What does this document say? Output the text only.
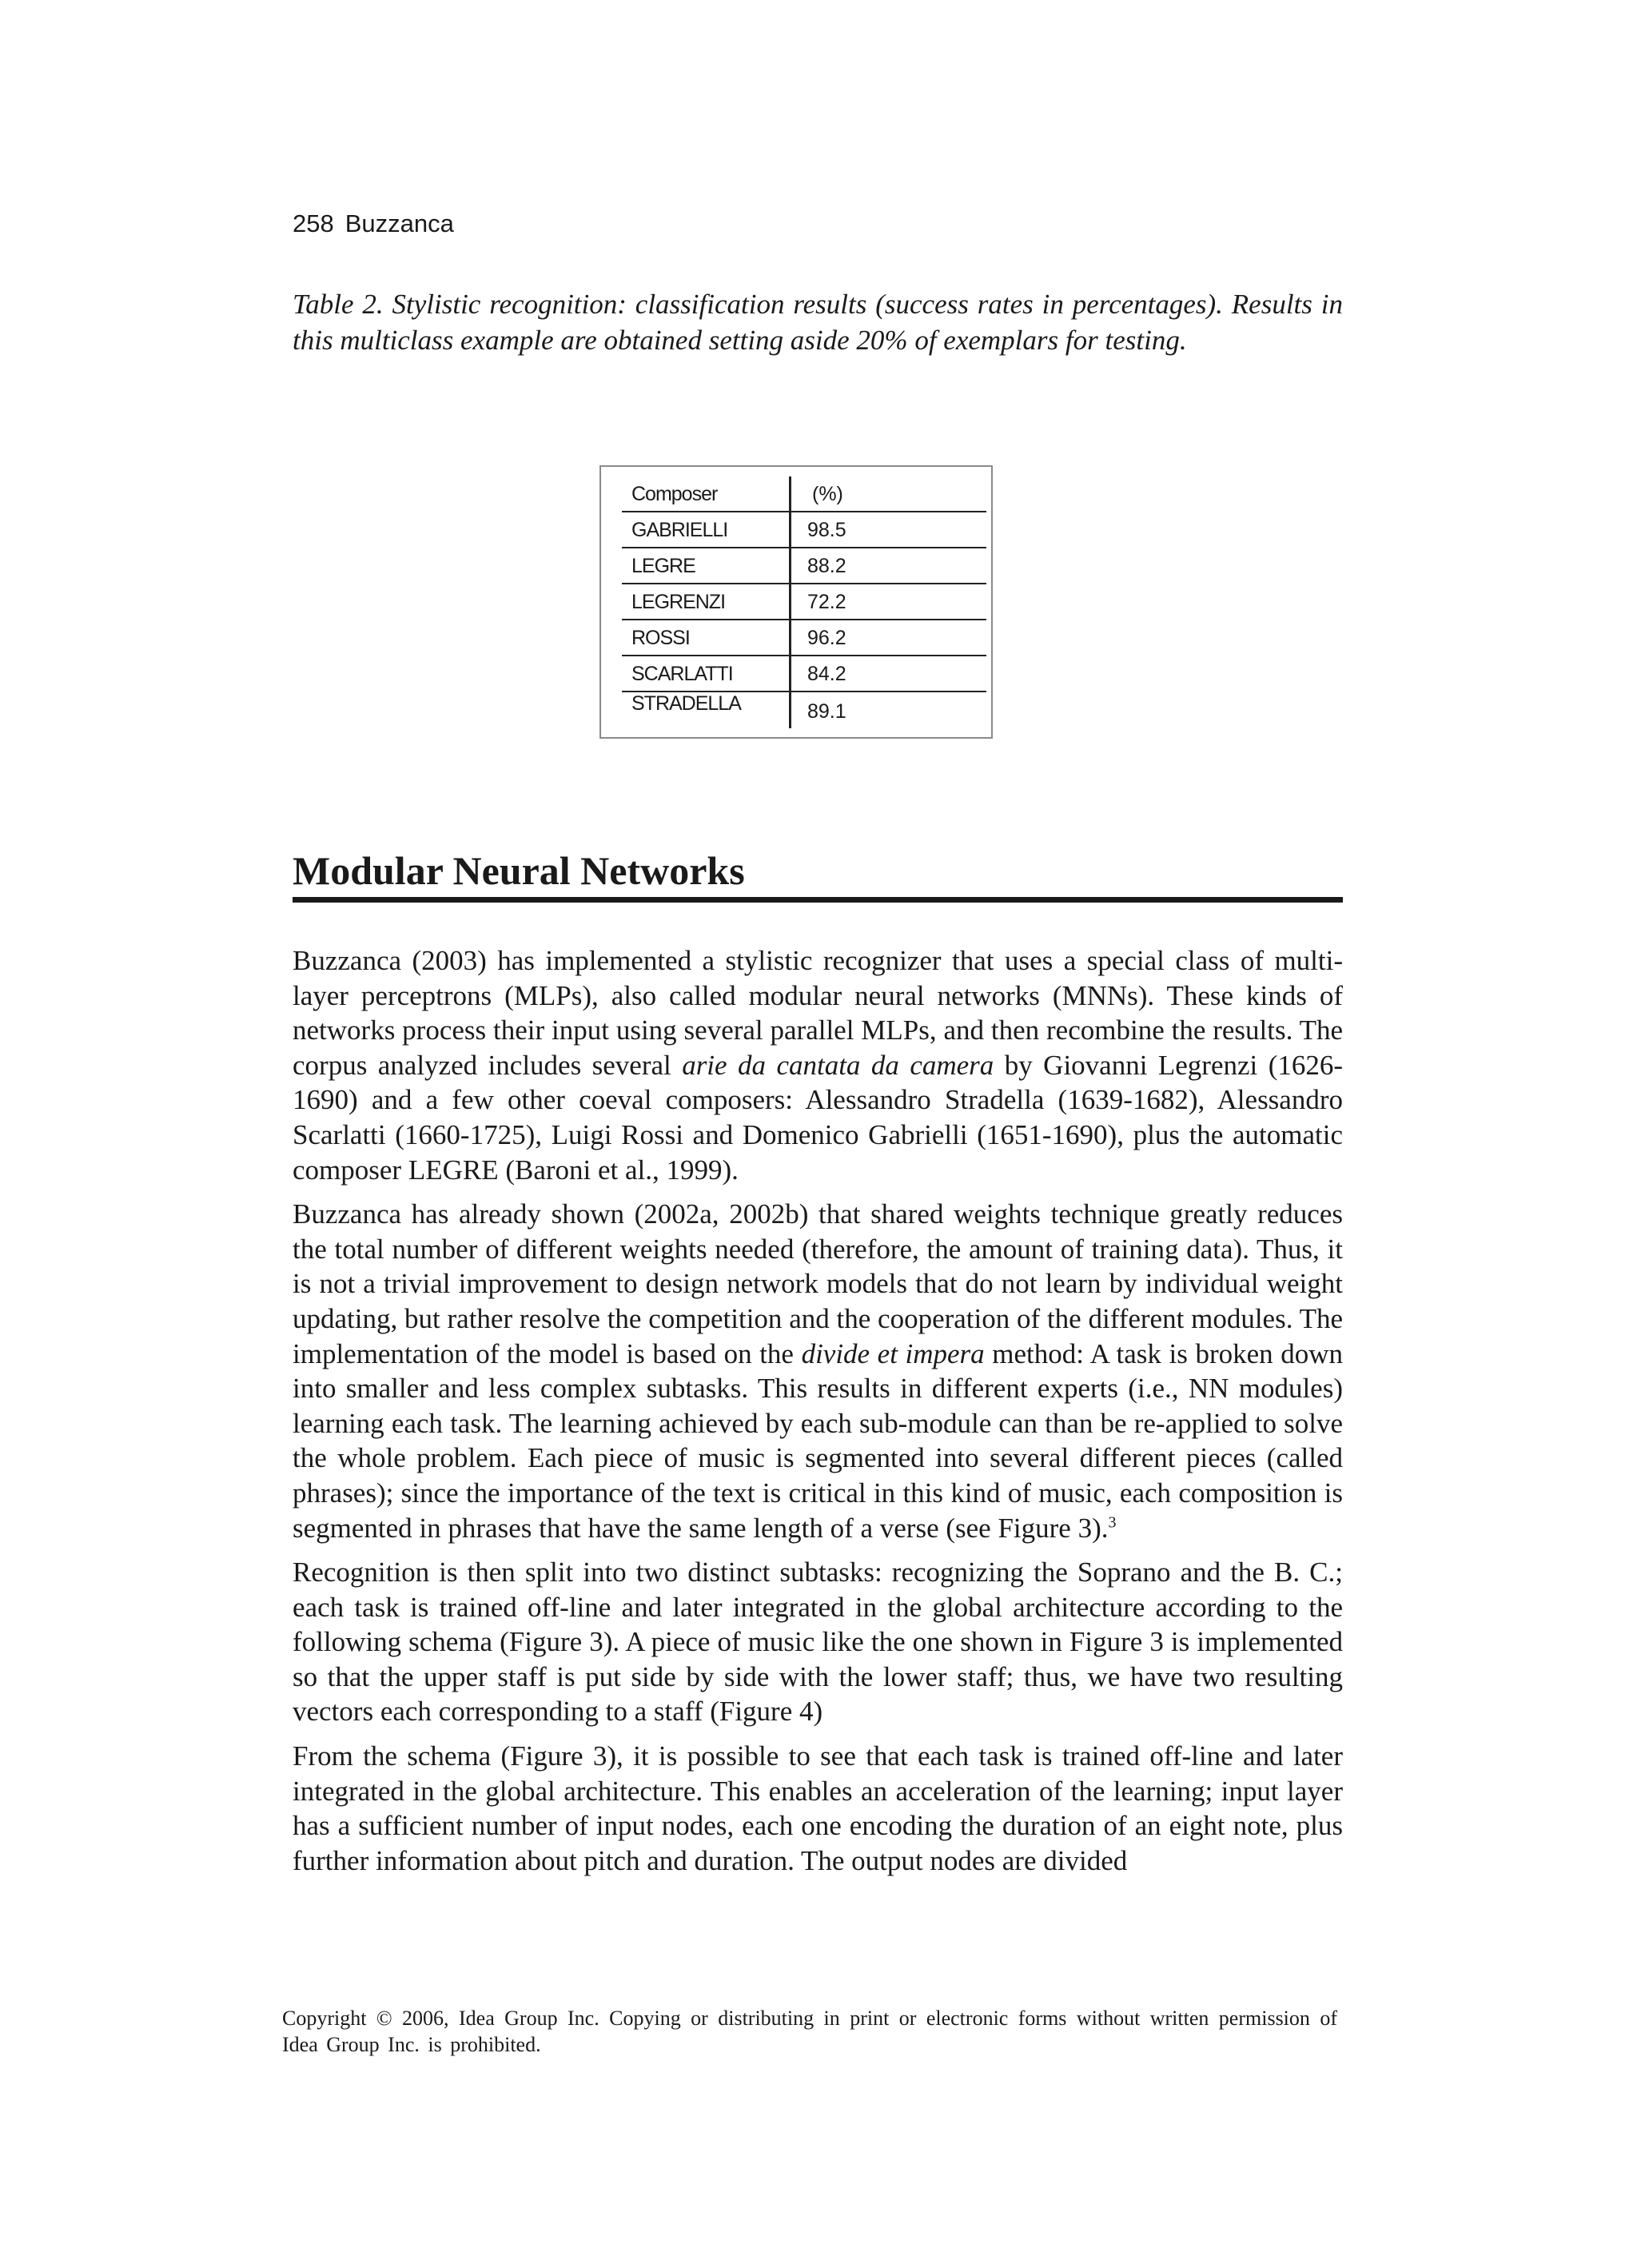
258 Buzzanca
Table 2. Stylistic recognition: classification results (success rates in percentages). Results in this multiclass example are obtained setting aside 20% of exemplars for testing.
Composer	(%)
GABRIELLI	98.5
LEGRE	88.2
LEGRENZI	72.2
ROSSI	96.2
SCARLATTI	84.2
STRADELLA	89.1
Modular Neural Networks

Buzzanca (2003) has implemented a stylistic recognizer that uses a special class of multi-layer perceptrons (MLPs), also called modular neural networks (MNNs). These kinds of networks process their input using several parallel MLPs, and then recombine the results. The corpus analyzed includes several arie da cantata da camera by Giovanni Legrenzi (1626-1690) and a few other coeval composers: Alessandro Stradella (1639-1682), Alessandro Scarlatti (1660-1725), Luigi Rossi and Domenico Gabrielli (1651-1690), plus the automatic composer LEGRE (Baroni et al., 1999).

Buzzanca has already shown (2002a, 2002b) that shared weights technique greatly reduces the total number of different weights needed (therefore, the amount of training data). Thus, it is not a trivial improvement to design network models that do not learn by individual weight updating, but rather resolve the competition and the cooperation of the different modules. The implementation of the model is based on the divide et impera method: A task is broken down into smaller and less complex subtasks. This results in different experts (i.e., NN modules) learning each task. The learning achieved by each sub-module can than be re-applied to solve the whole problem. Each piece of music is segmented into several different pieces (called phrases); since the importance of the text is critical in this kind of music, each composition is segmented in phrases that have the same length of a verse (see Figure 3).$^3$

Recognition is then split into two distinct subtasks: recognizing the Soprano and the B. C.; each task is trained off-line and later integrated in the global architecture according to the following schema (Figure 3). A piece of music like the one shown in Figure 3 is implemented so that the upper staff is put side by side with the lower staff; thus, we have two resulting vectors each corresponding to a staff (Figure 4)

From the schema (Figure 3), it is possible to see that each task is trained off-line and later integrated in the global architecture. This enables an acceleration of the learning; input layer has a sufficient number of input nodes, each one encoding the duration of an eight note, plus further information about pitch and duration. The output nodes are divided

Copyright © 2006, Idea Group Inc. Copying or distributing in print or electronic forms without written permission of Idea Group Inc. is prohibited.
